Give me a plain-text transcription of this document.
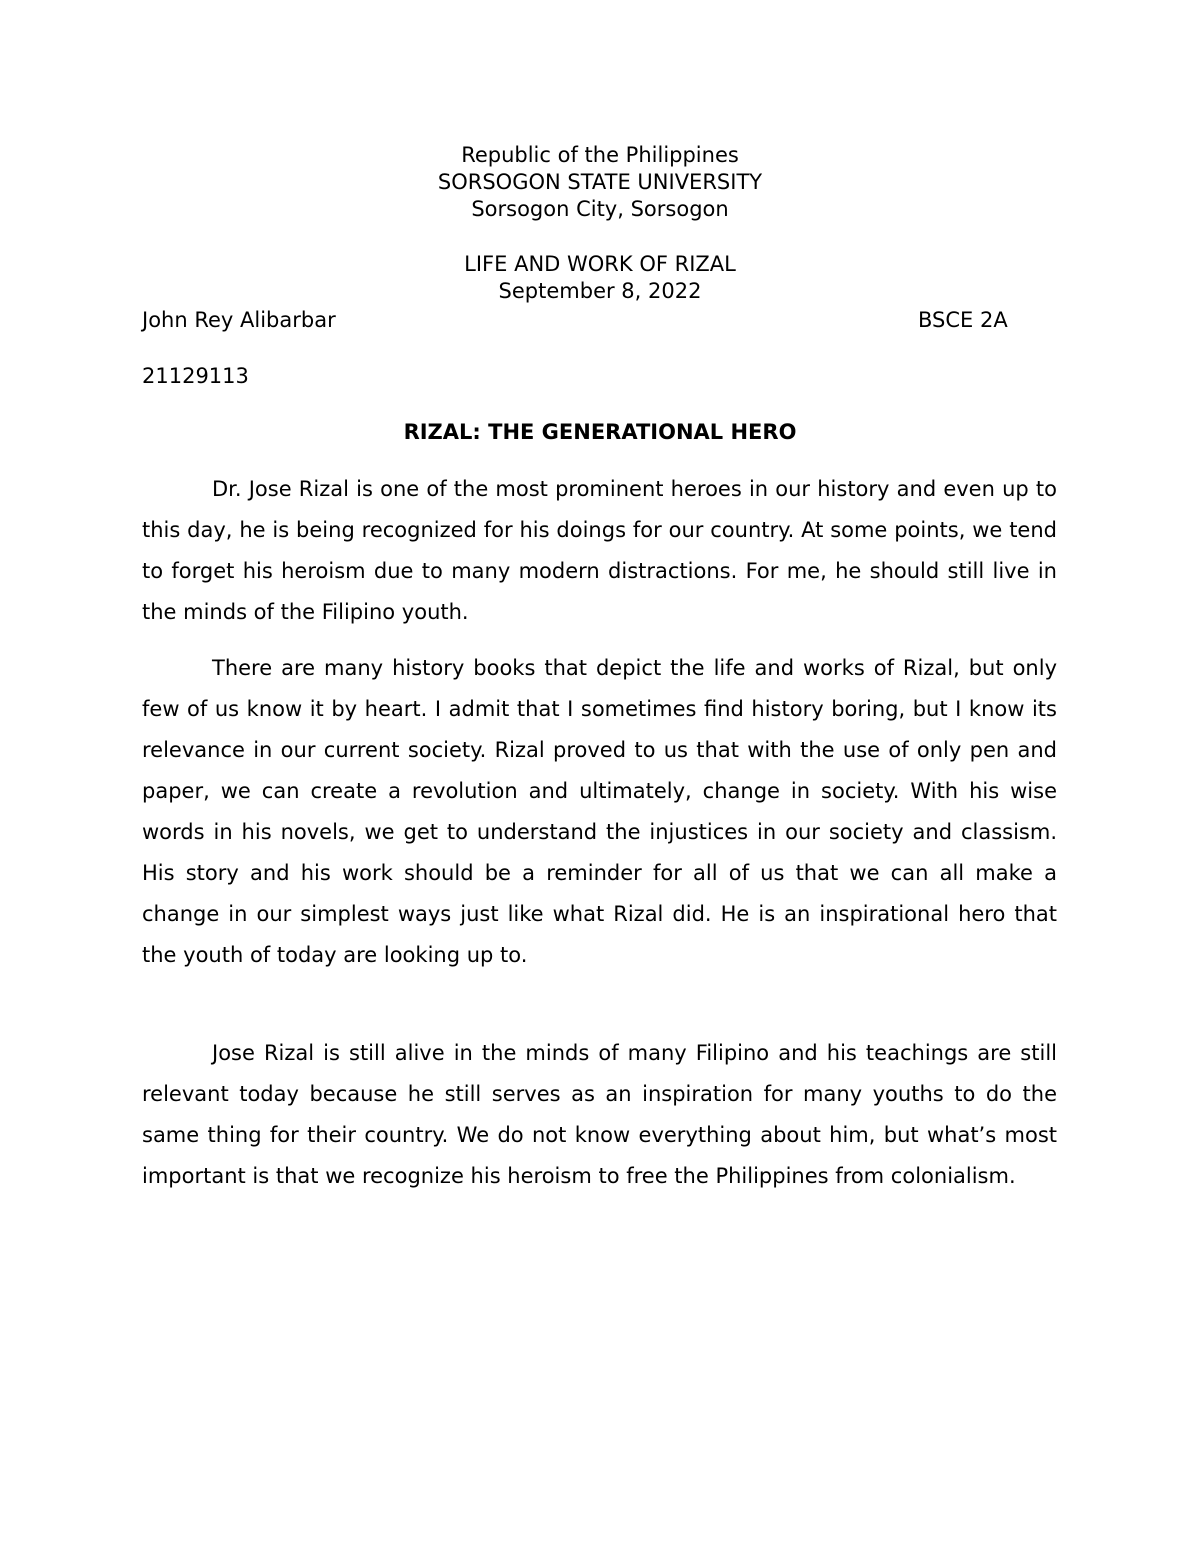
Republic of the Philippines
SORSOGON STATE UNIVERSITY
Sorsogon City, Sorsogon
LIFE AND WORK OF RIZAL
September 8, 2022
John Rey Alibarbar	BSCE 2A
21129113
RIZAL: THE GENERATIONAL HERO

Dr. Jose Rizal is one of the most prominent heroes in our history and even up to this day, he is being recognized for his doings for our country. At some points, we tend to forget his heroism due to many modern distractions. For me, he should still live in the minds of the Filipino youth.

There are many history books that depict the life and works of Rizal, but only few of us know it by heart. I admit that I sometimes find history boring, but I know its relevance in our current society. Rizal proved to us that with the use of only pen and paper, we can create a revolution and ultimately, change in society. With his wise words in his novels, we get to understand the injustices in our society and classism. His story and his work should be a reminder for all of us that we can all make a change in our simplest ways just like what Rizal did. He is an inspirational hero that the youth of today are looking up to.

Jose Rizal is still alive in the minds of many Filipino and his teachings are still relevant today because he still serves as an inspiration for many youths to do the same thing for their country. We do not know everything about him, but what’s most important is that we recognize his heroism to free the Philippines from colonialism.
